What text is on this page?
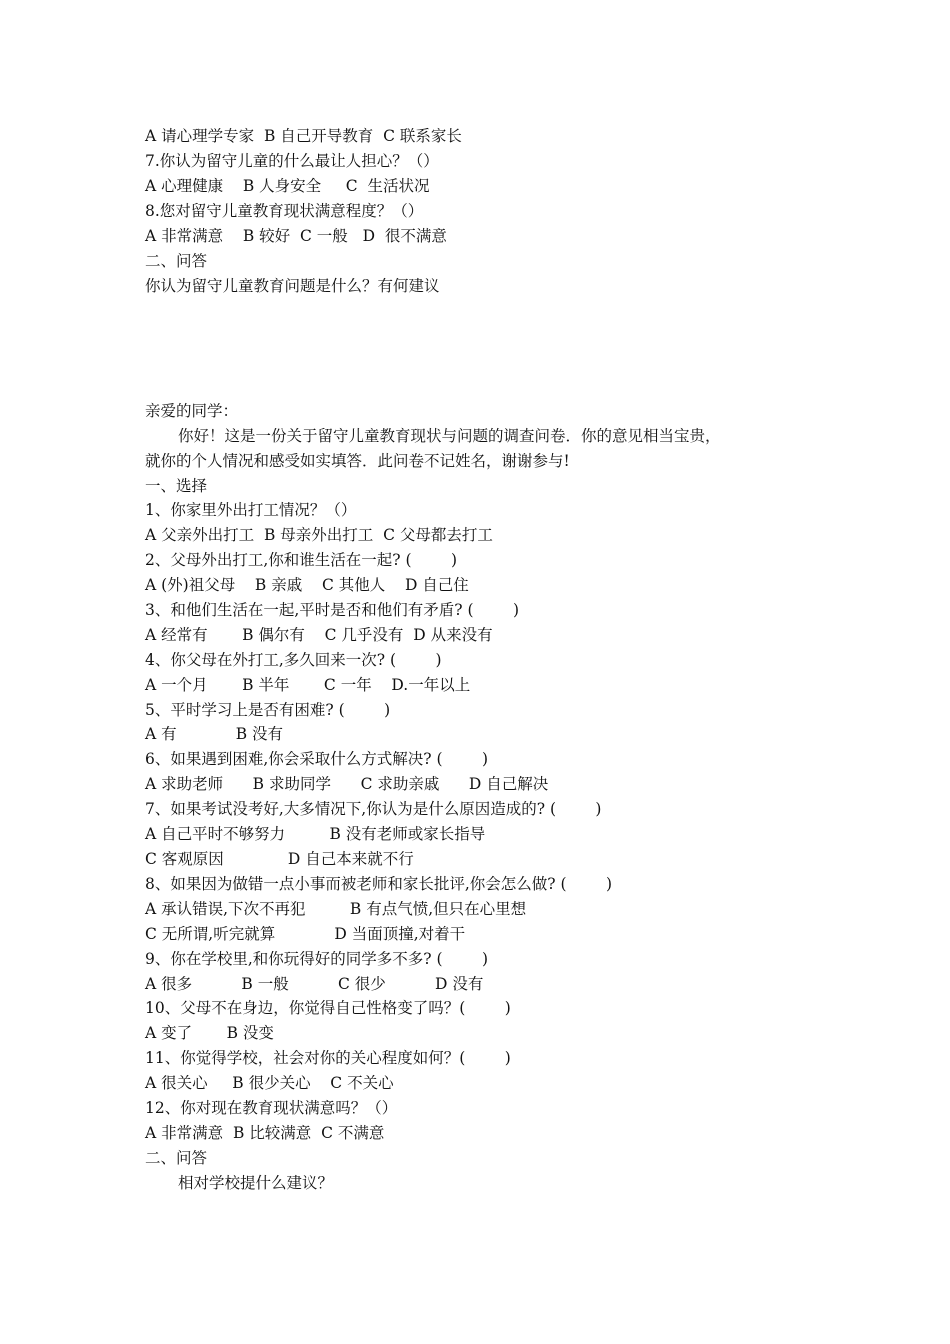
A 请心理学专家  B 自己开导教育  C 联系家长
7.你认为留守儿童的什么最让人担心？（）
A 心理健康    B 人身安全     C  生活状况
8.您对留守儿童教育现状满意程度？（）
A 非常满意    B 较好  C 一般   D  很不满意
二、问答
你认为留守儿童教育问题是什么？有何建议
亲爱的同学：
你好！这是一份关于留守儿童教育现状与问题的调查问卷．你的意见相当宝贵，
就你的个人情况和感受如实填答．此问卷不记姓名，谢谢参与!
一、选择
1、你家里外出打工情况？（）
A 父亲外出打工  B 母亲外出打工  C 父母都去打工
2、父母外出打工,你和谁生活在一起? (        )
A (外)祖父母    B 亲戚    C 其他人    D 自己住
3、和他们生活在一起,平时是否和他们有矛盾? (        )
A 经常有       B 偶尔有    C 几乎没有  D 从来没有
4、你父母在外打工,多久回来一次? (        )
A 一个月       B 半年       C 一年    D.一年以上
5、平时学习上是否有困难? (        )
A 有            B 没有
6、如果遇到困难,你会采取什么方式解决? (        )
A 求助老师      B 求助同学      C 求助亲戚      D 自己解决
7、如果考试没考好,大多情况下,你认为是什么原因造成的? (        )
A 自己平时不够努力         B 没有老师或家长指导
C 客观原因             D 自己本来就不行
8、如果因为做错一点小事而被老师和家长批评,你会怎么做? (        )
A 承认错误,下次不再犯         B 有点气愤,但只在心里想
C 无所谓,听完就算            D 当面顶撞,对着干
9、你在学校里,和你玩得好的同学多不多? (        )
A 很多          B 一般          C 很少          D 没有
10、父母不在身边，你觉得自己性格变了吗？(        )
A 变了       B 没变
11、你觉得学校，社会对你的关心程度如何？(        )
A 很关心     B 很少关心    C 不关心
12、你对现在教育现状满意吗？（）
A 非常满意  B 比较满意  C 不满意
二、问答
相对学校提什么建议？
